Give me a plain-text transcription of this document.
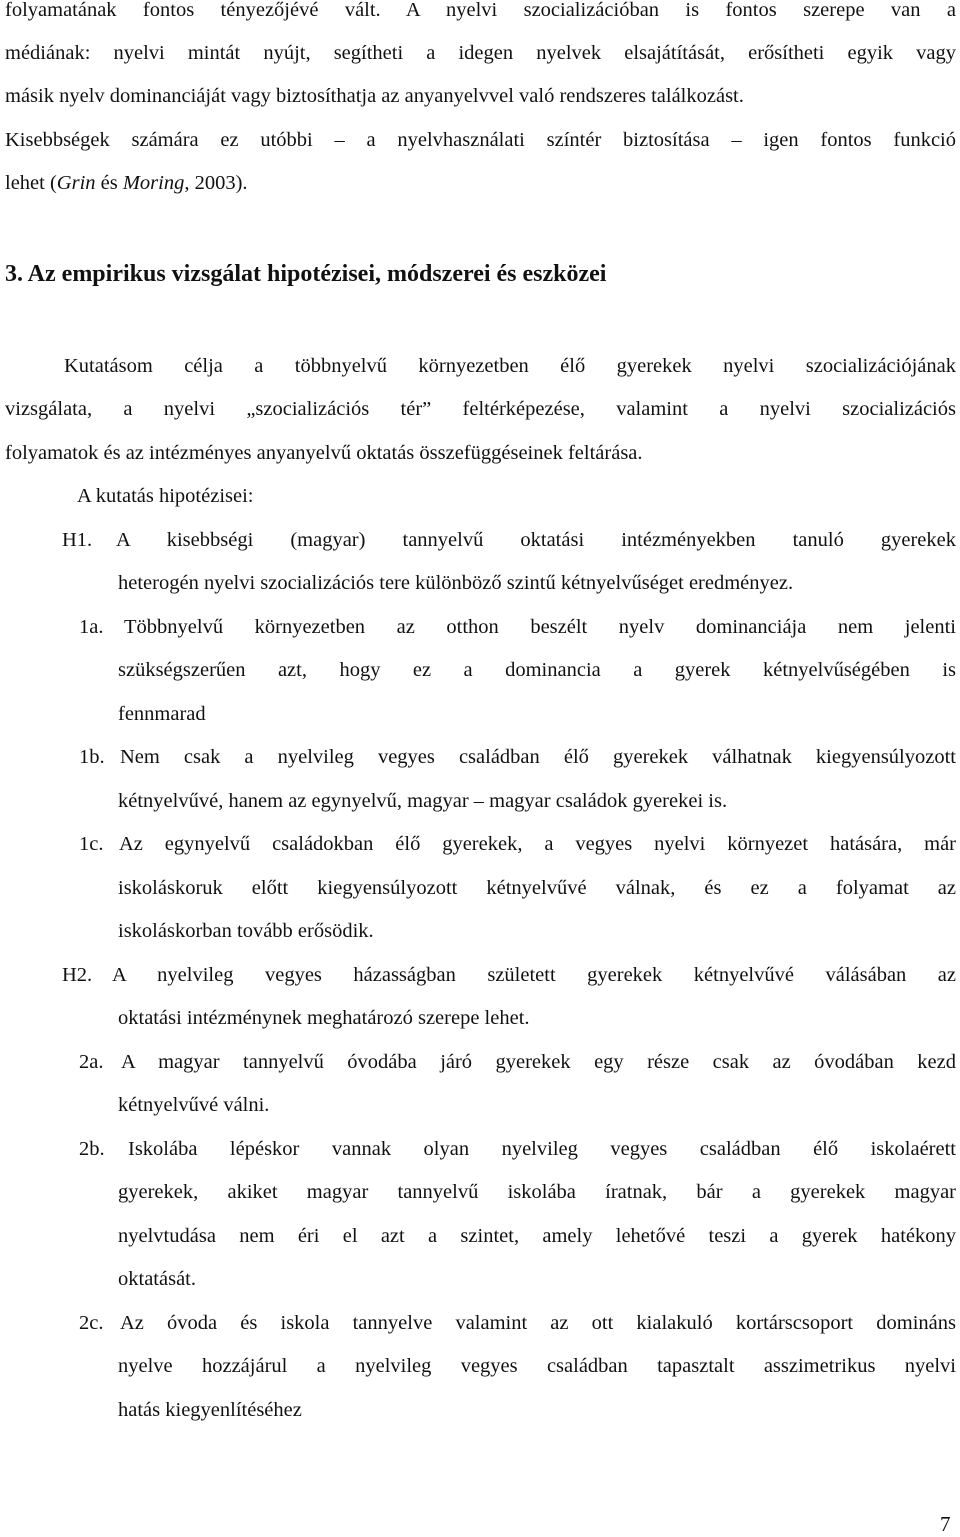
folyamatának fontos tényezőjévé vált. A nyelvi szocializációban is fontos szerepe van a
médiának: nyelvi mintát nyújt, segítheti a idegen nyelvek elsajátítását, erősítheti egyik vagy
másik nyelv dominanciáját vagy biztosíthatja az anyanyelvvel való rendszeres találkozást.
Kisebbségek számára ez utóbbi – a nyelvhasználati színtér biztosítása – igen fontos funkció
lehet (Grin és Moring, 2003).
3. Az empirikus vizsgálat hipotézisei, módszerei és eszközei
Kutatásom célja a többnyelvű környezetben élő gyerekek nyelvi szocializációjának
vizsgálata, a nyelvi „szocializációs tér” feltérképezése, valamint a nyelvi szocializációs
folyamatok és az intézményes anyanyelvű oktatás összefüggéseinek feltárása.
A kutatás hipotézisei:
H1. A kisebbségi (magyar) tannyelvű oktatási intézményekben tanuló gyerekek
heterogén nyelvi szocializációs tere különböző szintű kétnyelvűséget eredményez.
1a. Többnyelvű környezetben az otthon beszélt nyelv dominanciája nem jelenti
szükségszerűen azt, hogy ez a dominancia a gyerek kétnyelvűségében is
fennmarad
1b. Nem csak a nyelvileg vegyes családban élő gyerekek válhatnak kiegyensúlyozott
kétnyelvűvé, hanem az egynyelvű, magyar – magyar családok gyerekei is.
1c. Az egynyelvű családokban élő gyerekek, a vegyes nyelvi környezet hatására, már
iskoláskoruk előtt kiegyensúlyozott kétnyelvűvé válnak, és ez a folyamat az
iskoláskorban tovább erősödik.
H2. A nyelvileg vegyes házasságban született gyerekek kétnyelvűvé válásában az
oktatási intézménynek meghatározó szerepe lehet.
2a. A magyar tannyelvű óvodába járó gyerekek egy része csak az óvodában kezd
kétnyelvűvé válni.
2b. Iskolába lépéskor vannak olyan nyelvileg vegyes családban élő iskolaérett
gyerekek, akiket magyar tannyelvű iskolába íratnak, bár a gyerekek magyar
nyelvtudása nem éri el azt a szintet, amely lehetővé teszi a gyerek hatékony
oktatását.
2c. Az óvoda és iskola tannyelve valamint az ott kialakuló kortárscsoport domináns
nyelve hozzájárul a nyelvileg vegyes családban tapasztalt asszimetrikus nyelvi
hatás kiegyenlítéséhez
7
